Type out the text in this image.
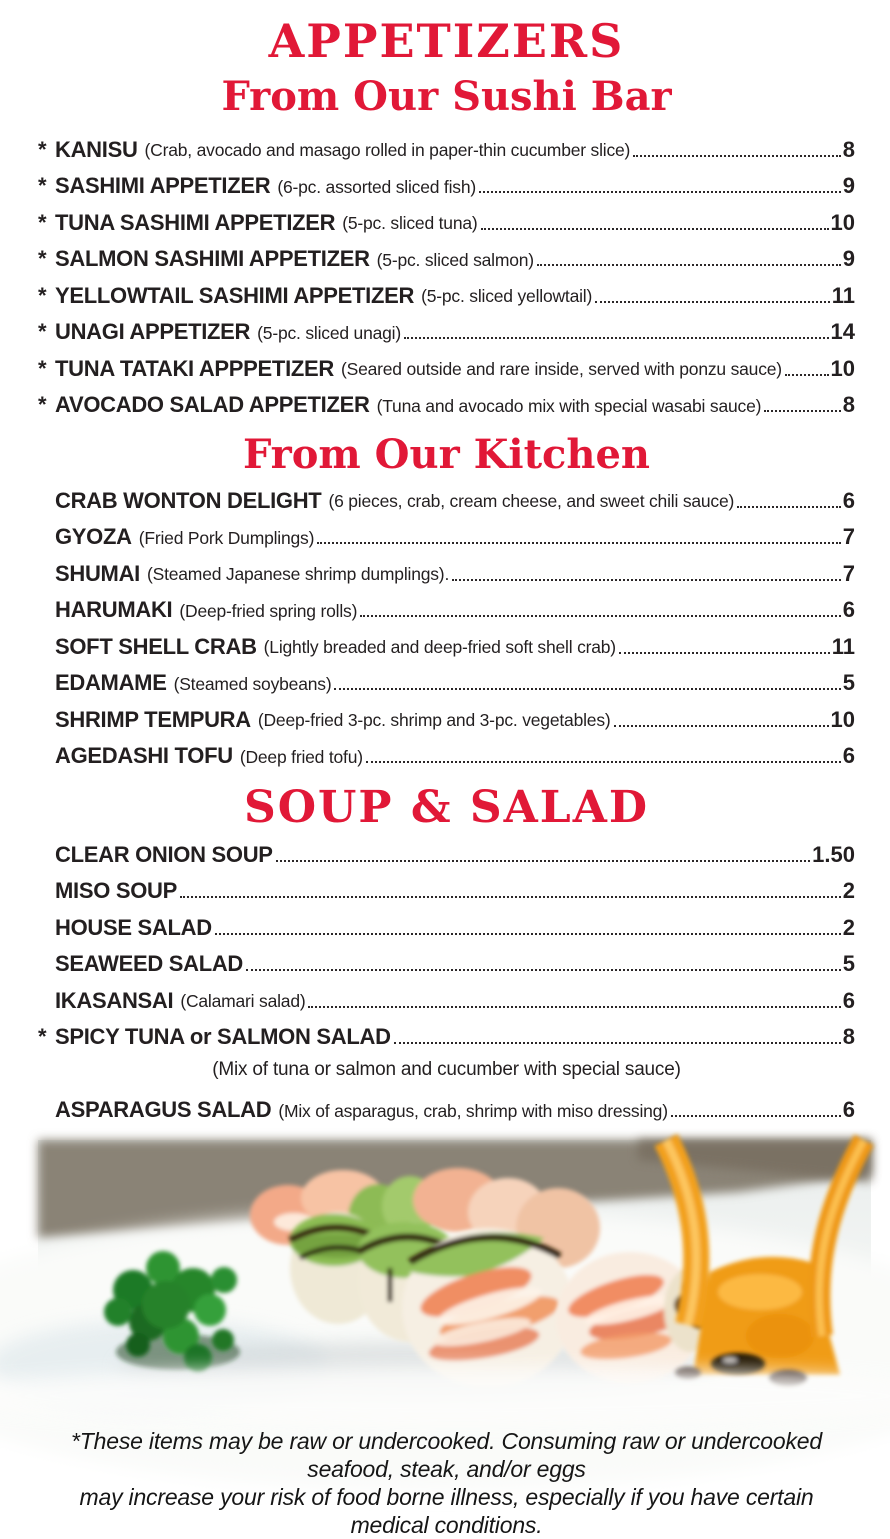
APPETIZERS
From Our Sushi Bar
* KANISU (Crab, avocado and masago rolled in paper-thin cucumber slice)	8
* SASHIMI APPETIZER (6-pc. assorted sliced fish)	9
* TUNA SASHIMI APPETIZER (5-pc. sliced tuna)	10
* SALMON SASHIMI APPETIZER (5-pc. sliced salmon)	9
* YELLOWTAIL SASHIMI APPETIZER (5-pc. sliced yellowtail)	11
* UNAGI APPETIZER (5-pc. sliced unagi)	14
* TUNA TATAKI APPPETIZER (Seared outside and rare inside, served with ponzu sauce) 10
* AVOCADO SALAD APPETIZER (Tuna and avocado mix with special wasabi sauce)	8
From Our Kitchen
CRAB WONTON DELIGHT (6 pieces, crab, cream cheese, and sweet chili sauce)	6
GYOZA (Fried Pork Dumplings)	7
SHUMAI (Steamed Japanese shrimp dumplings).	7
HARUMAKI (Deep-fried spring rolls)	6
SOFT SHELL CRAB (Lightly breaded and deep-fried soft shell crab)	11
EDAMAME (Steamed soybeans)	5
SHRIMP TEMPURA (Deep-fried 3-pc. shrimp and 3-pc. vegetables)	10
AGEDASHI TOFU (Deep fried tofu)	6
SOUP & SALAD
CLEAR ONION SOUP	1.50
MISO SOUP	2
HOUSE SALAD	2
SEAWEED SALAD	5
IKASANSAI (Calamari salad)	6
* SPICY TUNA or SALMON SALAD	8
(Mix of tuna or salmon and cucumber with special sauce)
ASPARAGUS SALAD (Mix of asparagus, crab, shrimp with miso dressing)	6
*These items may be raw or undercooked. Consuming raw or undercooked seafood, steak, and/or eggs
may increase your risk of food borne illness, especially if you have certain medical conditions.
